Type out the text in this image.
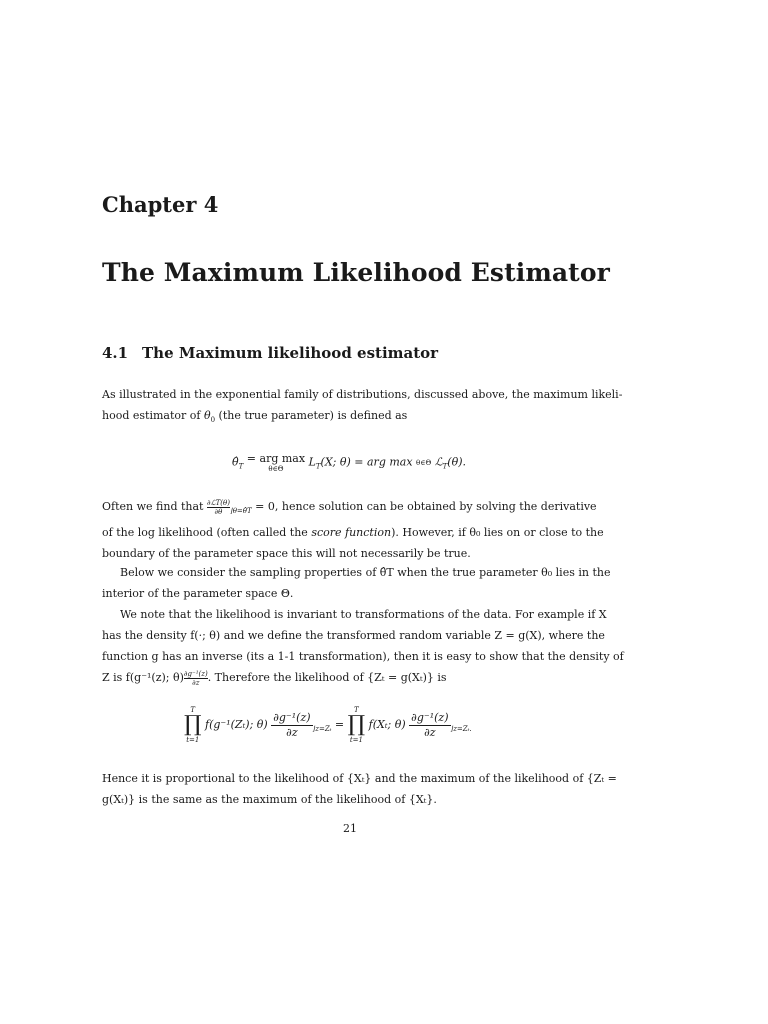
Chapter 4
The Maximum Likelihood Estimator
4.1 The Maximum likelihood estimator
As illustrated in the exponential family of distributions, discussed above, the maximum likeli-
hood estimator of $\theta_0$ (the true parameter) is defined as
$\thetâ_T$ = arg max
θ∈Θ
$L_T(X$; θ) = arg max θ∈Θ ℒ$_T$(θ).
Often we find that $\frac{\text{∂ℒT(θ)}}{\partial\theta}_{⌋\theta=\thetâT} = 0$, hence solution can be obtained by solving the derivative
of the log likelihood (often called the score function). However, if θ₀ lies on or close to the
boundary of the parameter space this will not necessarily be true.
Below we consider the sampling properties of θ̂T when the true parameter θ₀ lies in the
interior of the parameter space Θ.
We note that the likelihood is invariant to transformations of the data. For example if X
has the density f(·; θ) and we define the transformed random variable Z = g(X), where the
function g has an inverse (its a 1-1 transformation), then it is easy to show that the density of
Z is f(g⁻¹(z); $\theta) \frac{\text{∂g⁻¹(z)}}{\partial z}$. Therefore the likelihood of {Zₜ = g(Xₜ)} is
T
∏
t=1
f(g⁻¹(Zₜ); $\theta) \frac{\text{∂g⁻¹(z)}}{\partial z} _{⌋z=Z_t}$ =
T
∏
t=1
f(Xₜ; $\theta) \frac{\text{∂g⁻¹(z)}}{\partial z} _{⌋z=Z_t.}$
Hence it is proportional to the likelihood of {Xₜ} and the maximum of the likelihood of {Zₜ =
g(Xₜ)} is the same as the maximum of the likelihood of {Xₜ}.
21
